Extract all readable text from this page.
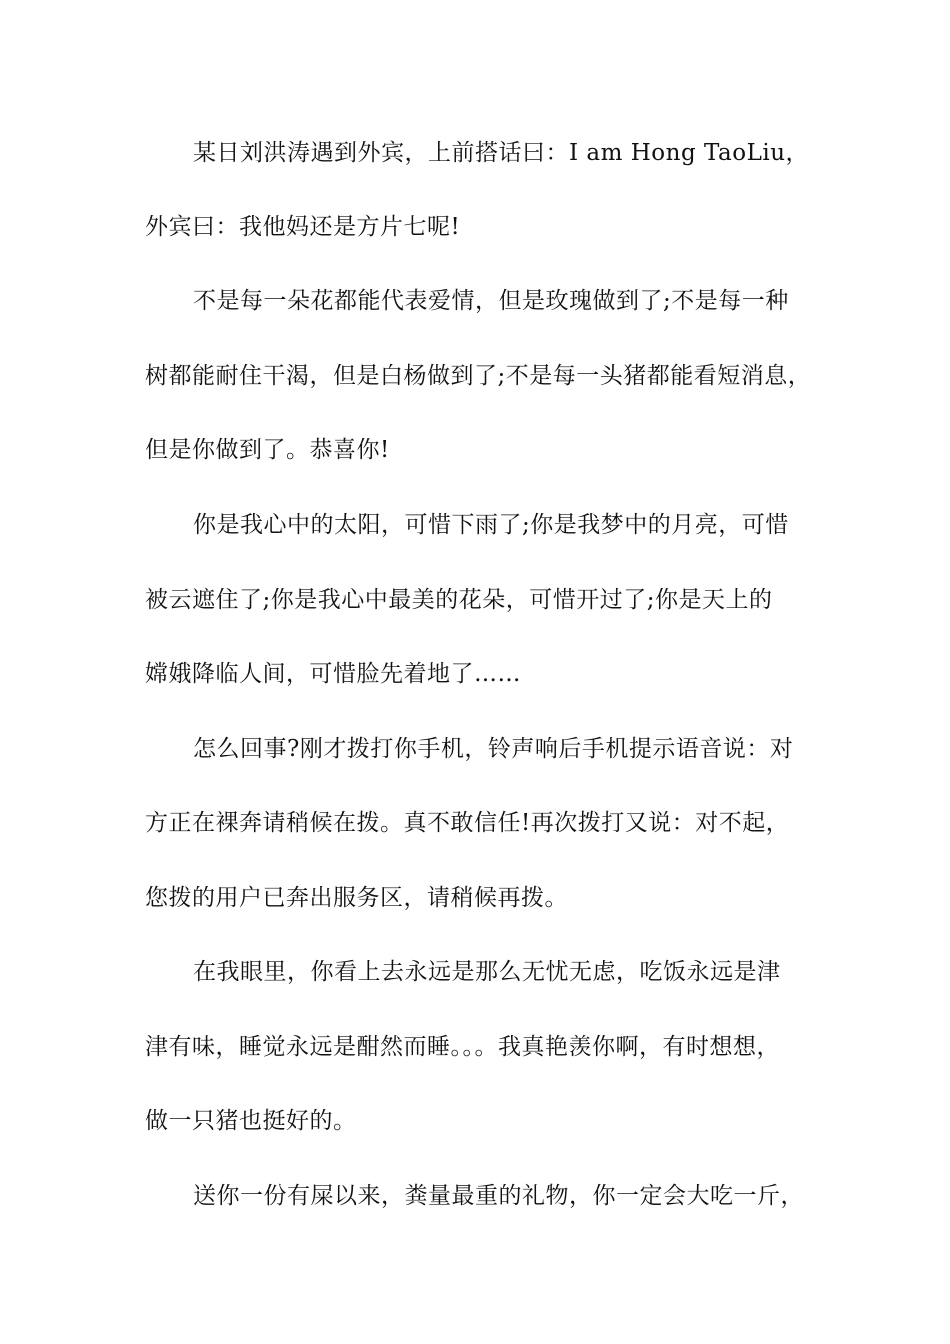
某日刘洪涛遇到外宾，上前搭话曰：I am Hong TaoLiu，
外宾曰：我他妈还是方片七呢!
不是每一朵花都能代表爱情，但是玫瑰做到了;不是每一种
树都能耐住干渴，但是白杨做到了;不是每一头猪都能看短消息，
但是你做到了。恭喜你!
你是我心中的太阳，可惜下雨了;你是我梦中的月亮，可惜
被云遮住了;你是我心中最美的花朵，可惜开过了;你是天上的
嫦娥降临人间，可惜脸先着地了……
怎么回事?刚才拨打你手机，铃声响后手机提示语音说：对
方正在裸奔请稍候在拨。真不敢信任!再次拨打又说：对不起，
您拨的用户已奔出服务区，请稍候再拨。
在我眼里，你看上去永远是那么无忧无虑，吃饭永远是津
津有味，睡觉永远是酣然而睡。。。我真艳羡你啊，有时想想，
做一只猪也挺好的。
送你一份有屎以来，粪量最重的礼物，你一定会大吃一斤，
